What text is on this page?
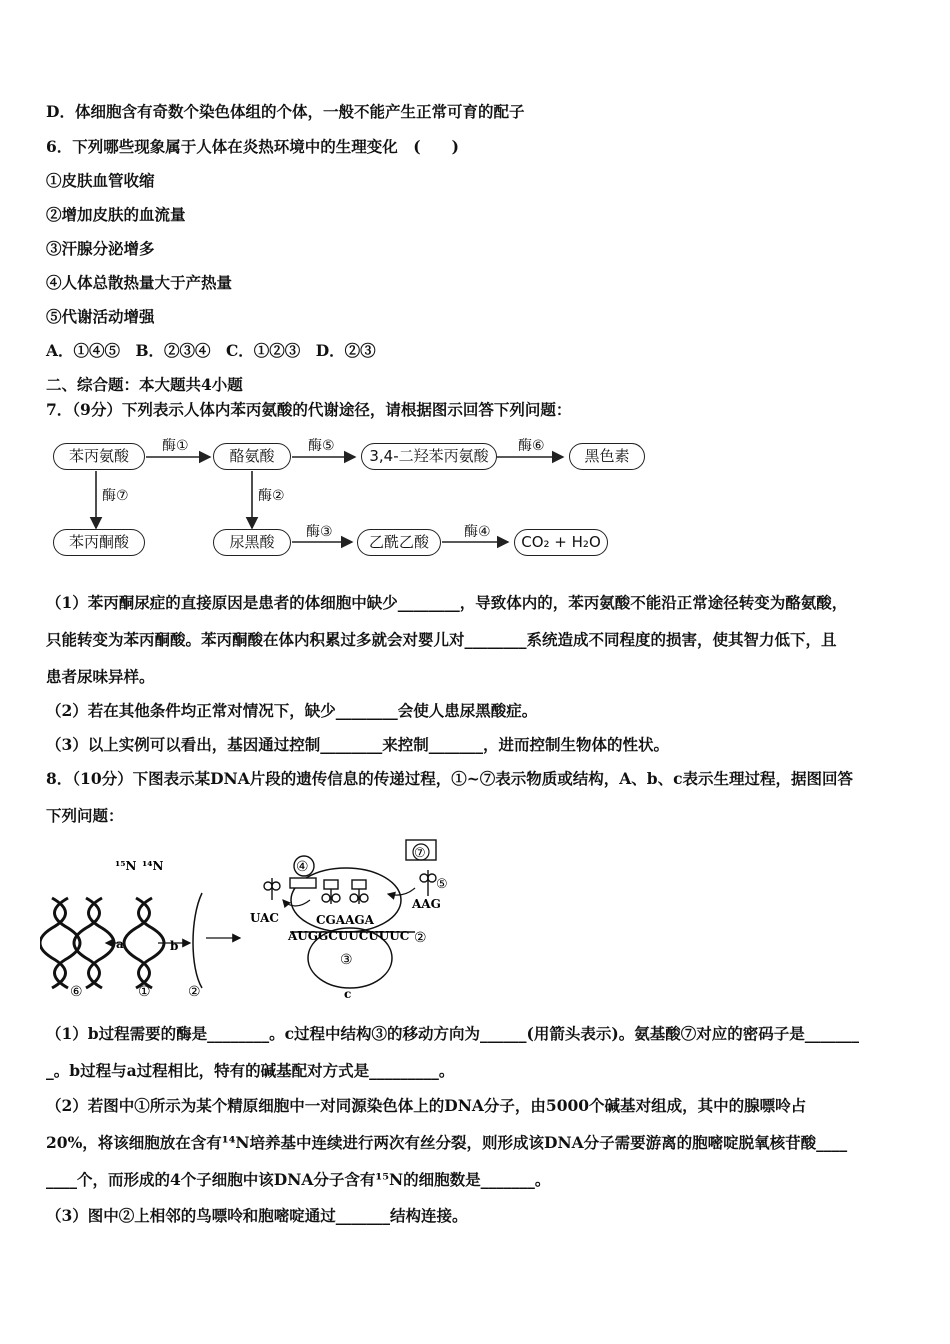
D．体细胞含有奇数个染色体组的个体，一般不能产生正常可育的配子
6．下列哪些现象属于人体在炎热环境中的生理变化　(　　)
①皮肤血管收缩
②增加皮肤的血流量
③汗腺分泌增多
④人体总散热量大于产热量
⑤代谢活动增强
A．①④⑤ B．②③④ C．①②③ D．②③
二、综合题：本大题共4小题
7．（9分）下列表示人体内苯丙氨酸的代谢途径，请根据图示回答下列问题：
苯丙氨酸	酪氨酸	3,4-二羟苯丙氨酸	黑色素
苯丙酮酸	尿黑酸	乙酰乙酸	CO₂ + H₂O
酶①	酶⑤	酶⑥
酶⑦	酶②
酶③	酶④
（1）苯丙酮尿症的直接原因是患者的体细胞中缺少________，导致体内的，苯丙氨酸不能沿正常途径转变为酪氨酸，
只能转变为苯丙酮酸。苯丙酮酸在体内积累过多就会对婴儿对________系统造成不同程度的损害，使其智力低下，且
患者尿味异样。
（2）若在其他条件均正常对情况下，缺少________会使人患尿黑酸症。
（3）以上实例可以看出，基因通过控制________来控制_______，进而控制生物体的性状。
8．（10分）下图表示某DNA片段的遗传信息的传递过程，①~⑦表示物质或结构，A、b、c表示生理过程，据图回答
下列问题：
¹⁵N ¹⁴N
a	b
c
⑥	①	②
④
⑦
⑤
③
②
UAC
AAG
CGAAGA
AUGGCUUCUUUC
（1）b过程需要的酶是________。c过程中结构③的移动方向为______(用箭头表示)。氨基酸⑦对应的密码子是_______
_。b过程与a过程相比，特有的碱基配对方式是_________。
（2）若图中①所示为某个精原细胞中一对同源染色体上的DNA分子，由5000个碱基对组成，其中的腺嘌呤占
20%，将该细胞放在含有¹⁴N培养基中连续进行两次有丝分裂，则形成该DNA分子需要游离的胞嘧啶脱氧核苷酸____
____个，而形成的4个子细胞中该DNA分子含有¹⁵N的细胞数是_______。
（3）图中②上相邻的鸟嘌呤和胞嘧啶通过_______结构连接。
